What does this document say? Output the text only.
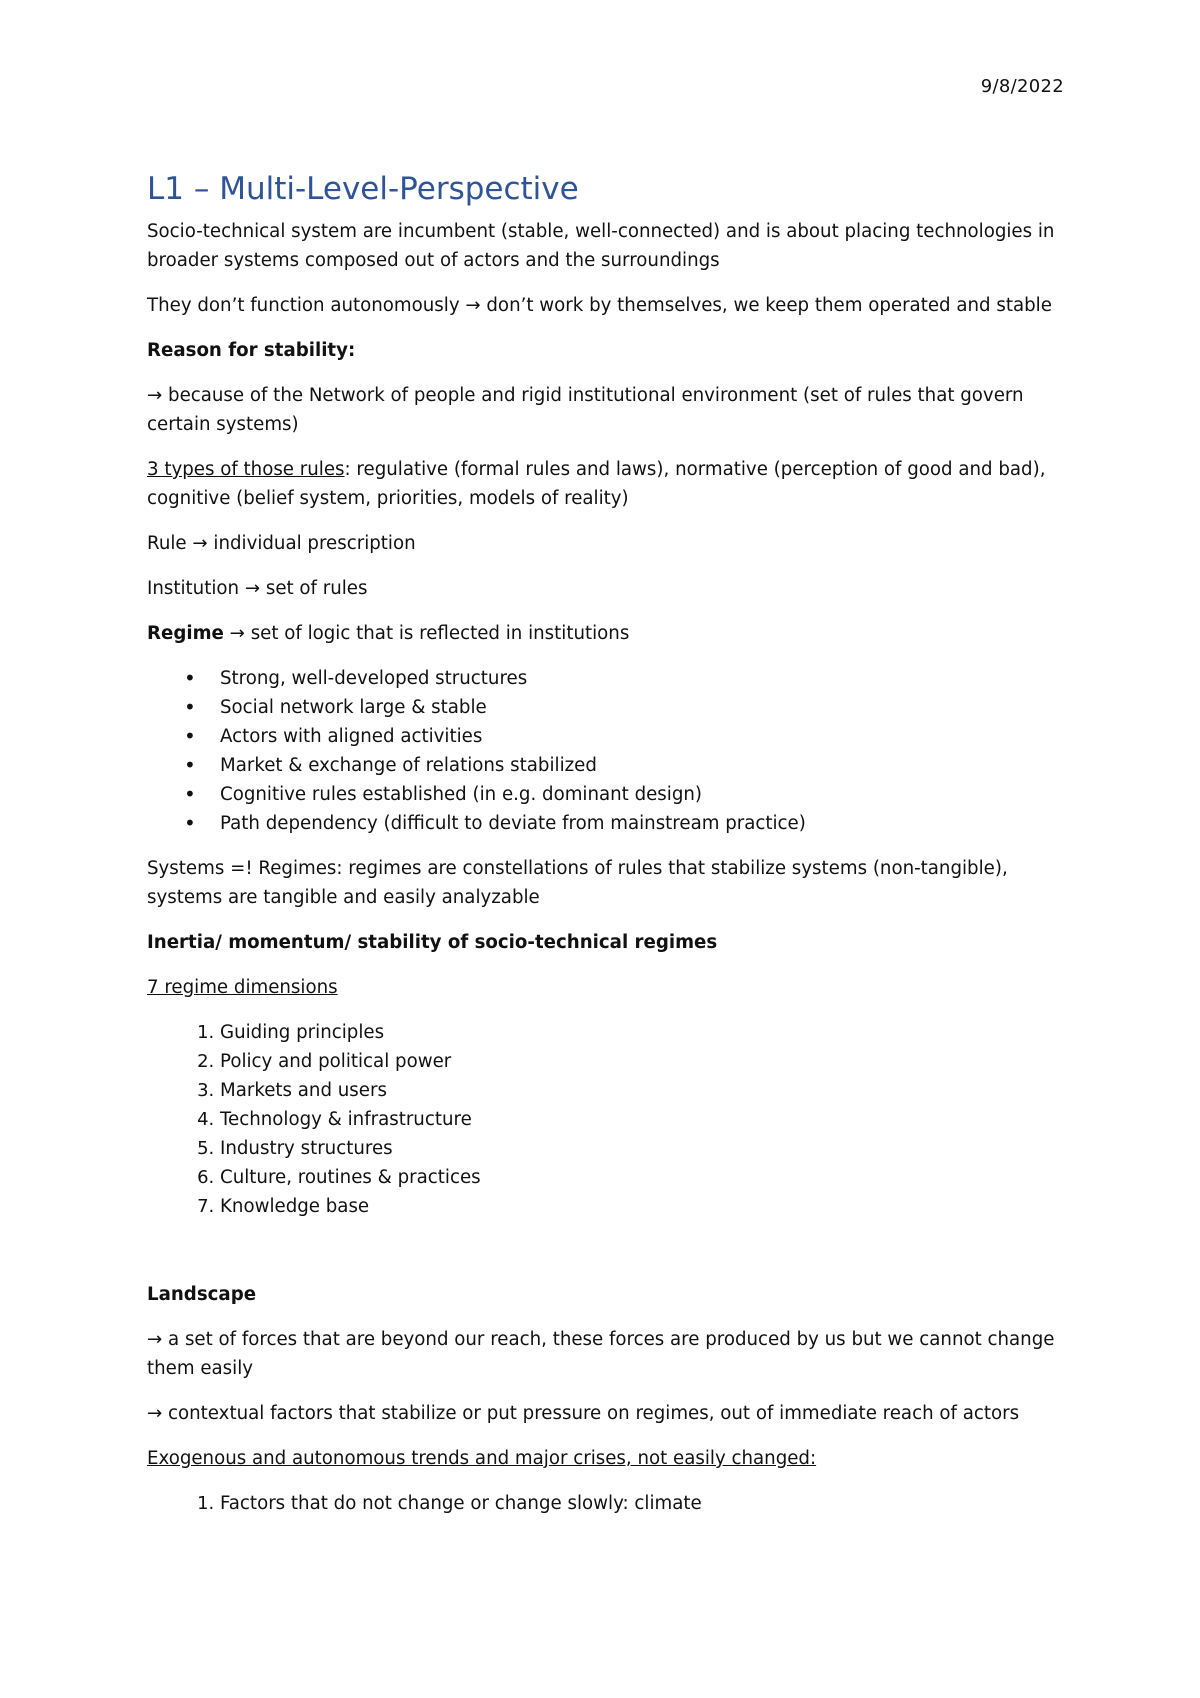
9/8/2022
L1 – Multi-Level-Perspective

Socio-technical system are incumbent (stable, well-connected) and is about placing technologies in broader systems composed out of actors and the surroundings

They don’t function autonomously → don’t work by themselves, we keep them operated and stable

Reason for stability:

→ because of the Network of people and rigid institutional environment (set of rules that govern certain systems)

3 types of those rules: regulative (formal rules and laws), normative (perception of good and bad), cognitive (belief system, priorities, models of reality)

Rule → individual prescription

Institution → set of rules

Regime → set of logic that is reflected in institutions

• Strong, well-developed structures
• Social network large & stable
• Actors with aligned activities
• Market & exchange of relations stabilized
• Cognitive rules established (in e.g. dominant design)
• Path dependency (difficult to deviate from mainstream practice)

Systems =! Regimes: regimes are constellations of rules that stabilize systems (non-tangible), systems are tangible and easily analyzable

Inertia/ momentum/ stability of socio-technical regimes

7 regime dimensions

1. Guiding principles
2. Policy and political power
3. Markets and users
4. Technology & infrastructure
5. Industry structures
6. Culture, routines & practices
7. Knowledge base

Landscape

→ a set of forces that are beyond our reach, these forces are produced by us but we cannot change them easily

→ contextual factors that stabilize or put pressure on regimes, out of immediate reach of actors

Exogenous and autonomous trends and major crises, not easily changed:

1. Factors that do not change or change slowly: climate
